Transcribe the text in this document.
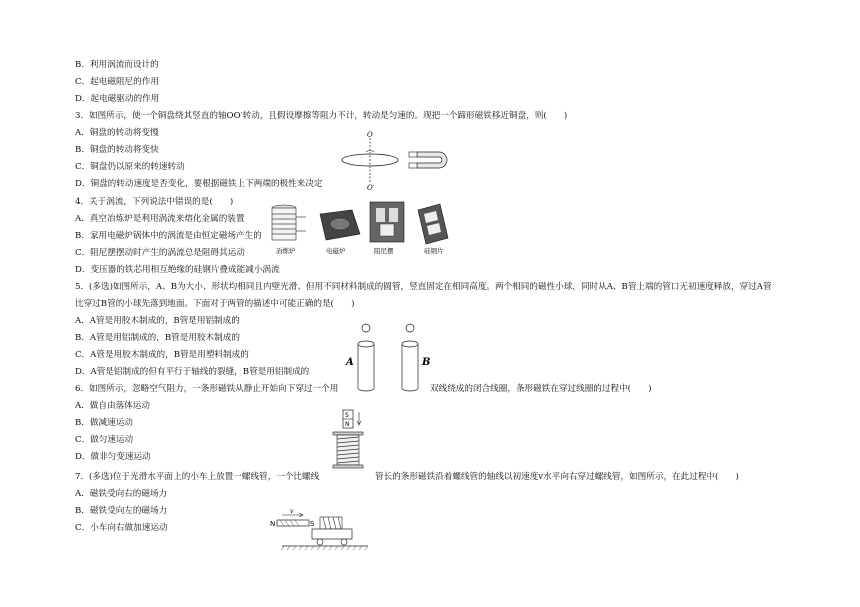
B．利用涡流而设计的
C．起电磁阻尼的作用
D．起电磁驱动的作用
3．如图所示，使一个铜盘绕其竖直的轴OO′转动，且假设摩擦等阻力不计，转动是匀速的。现把一个蹄形磁铁移近铜盘，则(　　)
A．铜盘的转动将变慢
B．铜盘的转动将变快
C．铜盘仍以原来的转速转动
D．铜盘的转动速度是否变化，要根据磁铁上下两端的极性来决定
4．关于涡流，下列说法中错误的是(　　)
A．真空冶炼炉是利用涡流来熔化金属的装置
B．家用电磁炉锅体中的涡流是由恒定磁场产生的
C．阻尼摆摆动时产生的涡流总是阻碍其运动
D．变压器的铁芯用相互绝缘的硅钢片叠成能减小涡流
5．(多选)如图所示，A、B为大小、形状均相同且内壁光滑、但用不同材料制成的圆管，竖直固定在相同高度。两个相同的磁性小球，同时从A、B管上端的管口无初速度释放，穿过A管
比穿过B管的小球先落到地面。下面对于两管的描述中可能正确的是(　　)
A．A管是用胶木制成的，B管是用铝制成的
B．A管是用铝制成的，B管是用胶木制成的
C．A管是用胶木制成的，B管是用塑料制成的
D．A管是铝制成的但有平行于轴线的裂缝，B管是用铝制成的
6．如图所示，忽略空气阻力，一条形磁铁从静止开始向下穿过一个用	双线绕成的闭合线圈，条形磁铁在穿过线圈的过程中(　　)
A．做自由落体运动
B．做减速运动
C．做匀速运动
D．做非匀变速运动
7．(多选)位于光滑水平面上的小车上放置一螺线管，一个比螺线	管长的条形磁铁沿着螺线管的轴线以初速度v水平向右穿过螺线管，如图所示，在此过程中(　　)
A．磁铁受向右的磁场力
B．磁铁受向左的磁场力
C．小车向右做加速运动
O
O′
冶炼炉	电磁炉	阻尼摆	硅钢片
A	B
S
N
N	S
v
